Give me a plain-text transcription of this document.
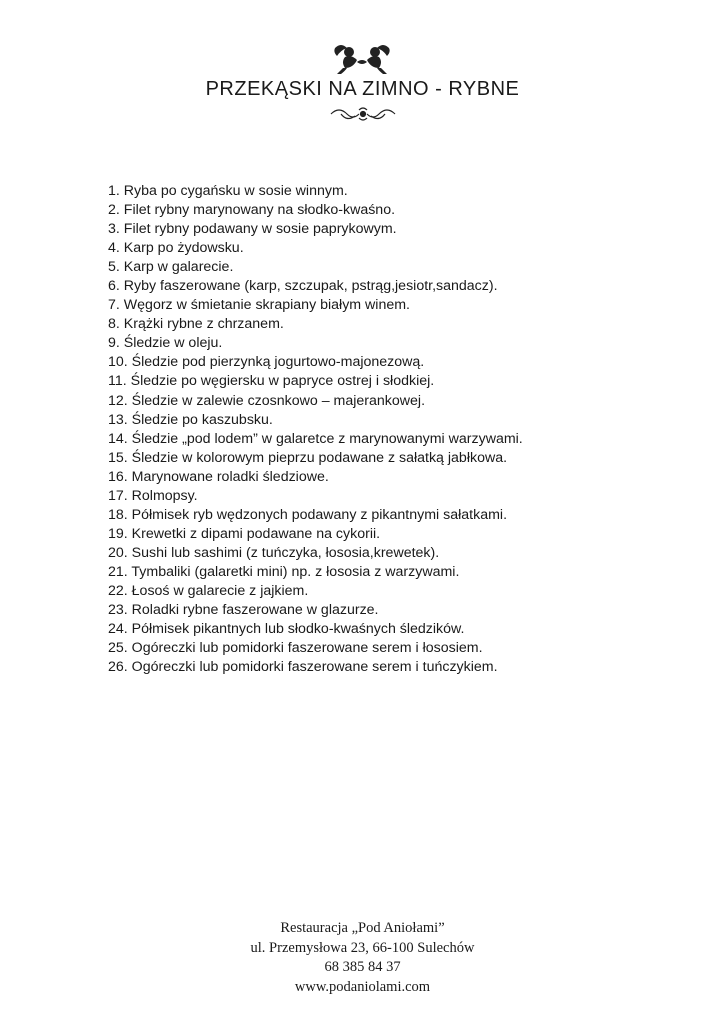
PRZEKĄSKI NA ZIMNO - RYBNE
1. Ryba po cygańsku w sosie winnym.
2. Filet rybny marynowany na słodko-kwaśno.
3. Filet rybny podawany w sosie paprykowym.
4. Karp po żydowsku.
5. Karp w galarecie.
6. Ryby faszerowane (karp, szczupak, pstrąg,jesiotr,sandacz).
7. Węgorz w śmietanie skrapiany białym winem.
8. Krążki rybne z chrzanem.
9. Śledzie w oleju.
10. Śledzie pod pierzynką jogurtowo-majonezową.
11. Śledzie po węgiersku w papryce ostrej i słodkiej.
12. Śledzie w zalewie czosnkowo – majerankowej.
13. Śledzie po kaszubsku.
14. Śledzie „pod lodem” w galaretce z marynowanymi warzywami.
15. Śledzie w kolorowym pieprzu podawane z sałatką jabłkowa.
16. Marynowane roladki śledziowe.
17. Rolmopsy.
18. Półmisek ryb wędzonych podawany z pikantnymi sałatkami.
19. Krewetki z dipami podawane na cykorii.
20. Sushi lub sashimi (z tuńczyka, łososia,krewetek).
21. Tymbaliki (galaretki mini) np. z łososia z warzywami.
22. Łosoś w galarecie z jajkiem.
23. Roladki rybne faszerowane w glazurze.
24. Półmisek pikantnych lub słodko-kwaśnych śledzików.
25. Ogóreczki lub pomidorki faszerowane serem i łososiem.
26. Ogóreczki lub pomidorki faszerowane serem i tuńczykiem.
Restauracja „Pod Aniołami”
ul. Przemysłowa 23, 66-100 Sulechów
68 385 84 37
www.podaniolami.com
